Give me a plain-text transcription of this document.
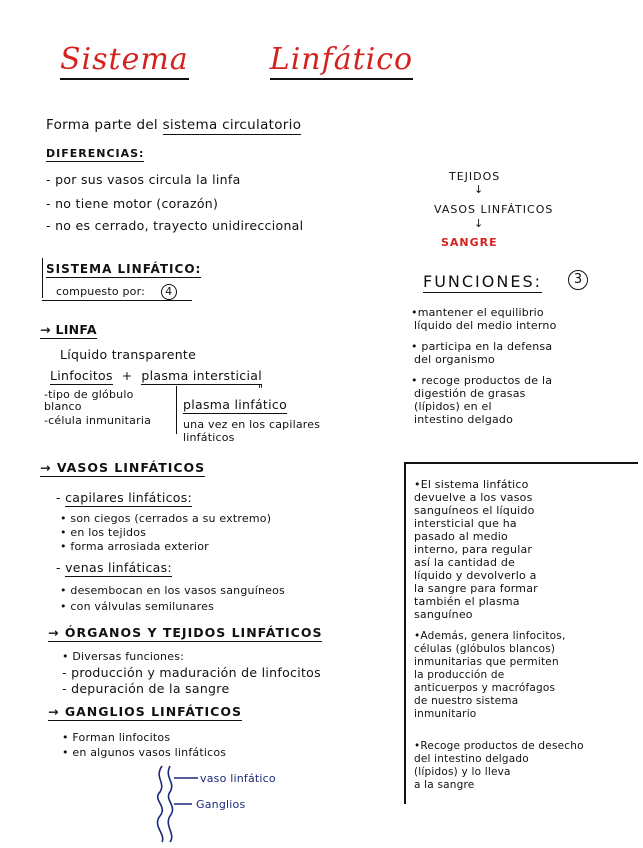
Sistema	Linfático
Forma parte del sistema circulatorio
DIFERENCIAS:
- por sus vasos circula la linfa
- no tiene motor (corazón)
- no es cerrado, trayecto unidireccional
TEJIDOS
↓
VASOS LINFÁTICOS
↓
SANGRE
SISTEMA LINFÁTICO:
compuesto por: 4
→ LINFA
Líquido transparente
Linfocitos + plasma intersticial
"
-tipo de glóbulo
blanco
-célula inmunitaria
plasma linfático
una vez en los capilares
linfáticos
→ VASOS LINFÁTICOS
- capilares linfáticos:
• son ciegos (cerrados a su extremo)
• en los tejidos
• forma arrosiada exterior
- venas linfáticas:
• desembocan en los vasos sanguíneos
• con válvulas semilunares
→ ÓRGANOS Y TEJIDOS LINFÁTICOS
• Diversas funciones:
- producción y maduración de linfocitos
- depuración de la sangre
→ GANGLIOS LINFÁTICOS
• Forman linfocitos
• en algunos vasos linfáticos
vaso linfático
Ganglios
FUNCIONES:	3
•mantener el equilibrio
líquido del medio interno
• participa en la defensa
del organismo
• recoge productos de la
digestión de grasas
(lípidos) en el
intestino delgado
•El sistema linfático
devuelve a los vasos
sanguíneos el líquido
intersticial que ha
pasado al medio
interno, para regular
así la cantidad de
líquido y devolverlo a
la sangre para formar
también el plasma
sanguíneo
•Además, genera linfocitos,
células (glóbulos blancos)
inmunitarias que permiten
la producción de
anticuerpos y macrófagos
de nuestro sistema
inmunitario
•Recoge productos de desecho
del intestino delgado
(lípidos) y lo lleva
a la sangre
